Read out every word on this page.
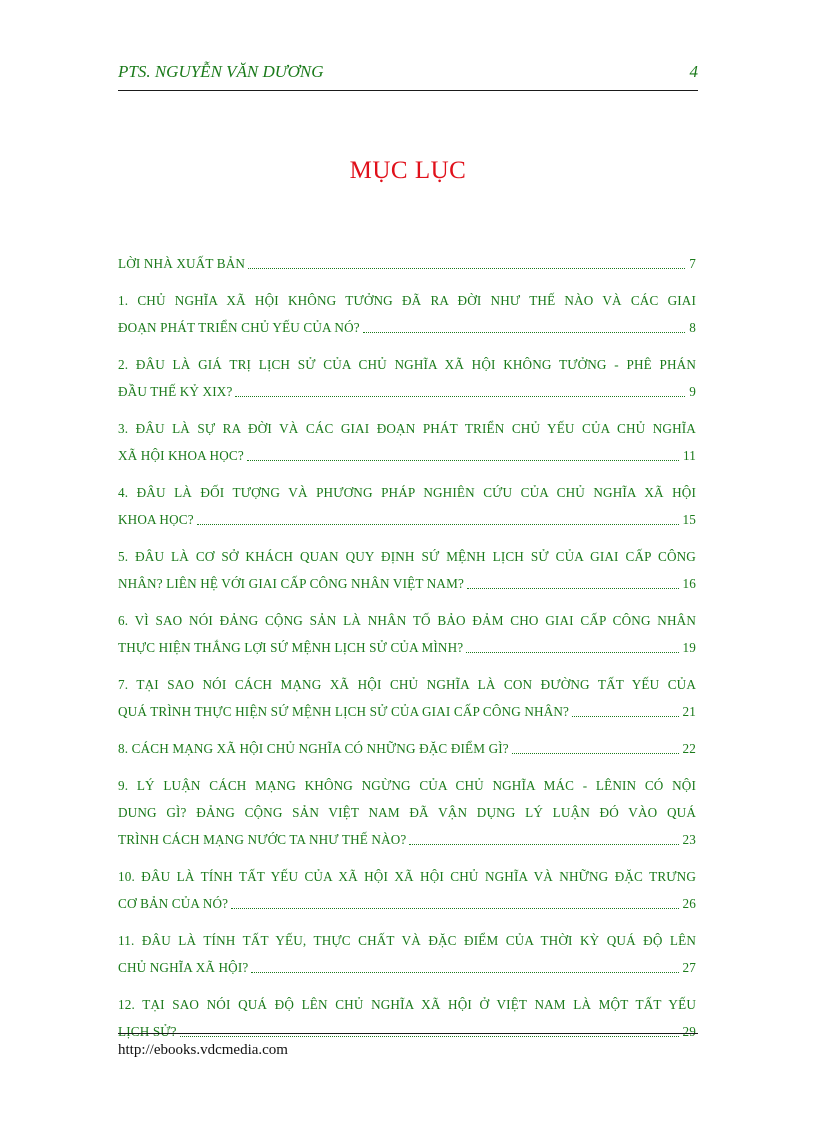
PTS. NGUYỄN VĂN DƯƠNG	4
MỤC LỤC
LỜI NHÀ XUẤT BẢN	7
1. CHỦ NGHĨA XÃ HỘI KHÔNG TƯỞNG ĐÃ RA ĐỜI NHƯ THẾ NÀO VÀ CÁC GIAI
ĐOẠN PHÁT TRIỂN CHỦ YẾU CỦA NÓ?	8
2. ĐÂU LÀ GIÁ TRỊ LỊCH SỬ CỦA CHỦ NGHĨA XÃ HỘI KHÔNG TƯỞNG - PHÊ PHÁN
ĐẦU THẾ KỶ XIX?	9
3. ĐÂU LÀ SỰ RA ĐỜI VÀ CÁC GIAI ĐOẠN PHÁT TRIỂN CHỦ YẾU CỦA CHỦ NGHĨA
XÃ HỘI KHOA HỌC?	11
4. ĐÂU LÀ ĐỐI TƯỢNG VÀ PHƯƠNG PHÁP NGHIÊN CỨU CỦA CHỦ NGHĨA XÃ HỘI
KHOA HỌC?	15
5. ĐÂU LÀ CƠ SỞ KHÁCH QUAN QUY ĐỊNH SỨ MỆNH LỊCH SỬ CỦA GIAI CẤP CÔNG
NHÂN? LIÊN HỆ VỚI GIAI CẤP CÔNG NHÂN VIỆT NAM?	16
6. VÌ SAO NÓI ĐẢNG CỘNG SẢN LÀ NHÂN TỐ BẢO ĐẢM CHO GIAI CẤP CÔNG NHÂN
THỰC HIỆN THẮNG LỢI SỨ MỆNH LỊCH SỬ CỦA MÌNH?	19
7. TẠI SAO NÓI CÁCH MẠNG XÃ HỘI CHỦ NGHĨA LÀ CON ĐƯỜNG TẤT YẾU CỦA
QUÁ TRÌNH THỰC HIỆN SỨ MỆNH LỊCH SỬ CỦA GIAI CẤP CÔNG NHÂN?	21
8. CÁCH MẠNG XÃ HỘI CHỦ NGHĨA CÓ NHỮNG ĐẶC ĐIỂM GÌ?	22
9. LÝ LUẬN CÁCH MẠNG KHÔNG NGỪNG CỦA CHỦ NGHĨA MÁC - LÊNIN CÓ NỘI
DUNG GÌ? ĐẢNG CỘNG SẢN VIỆT NAM ĐÃ VẬN DỤNG LÝ LUẬN ĐÓ VÀO QUÁ
TRÌNH CÁCH MẠNG NƯỚC TA NHƯ THẾ NÀO?	23
10. ĐÂU LÀ TÍNH TẤT YẾU CỦA XÃ HỘI XÃ HỘI CHỦ NGHĨA VÀ NHỮNG ĐẶC TRƯNG
CƠ BẢN CỦA NÓ?	26
11. ĐÂU LÀ TÍNH TẤT YẾU, THỰC CHẤT VÀ ĐẶC ĐIỂM CỦA THỜI KỲ QUÁ ĐỘ LÊN
CHỦ NGHĨA XÃ HỘI?	27
12. TẠI SAO NÓI QUÁ ĐỘ LÊN CHỦ NGHĨA XÃ HỘI Ở VIỆT NAM LÀ MỘT TẤT YẾU
LỊCH SỬ?	29
http://ebooks.vdcmedia.com
